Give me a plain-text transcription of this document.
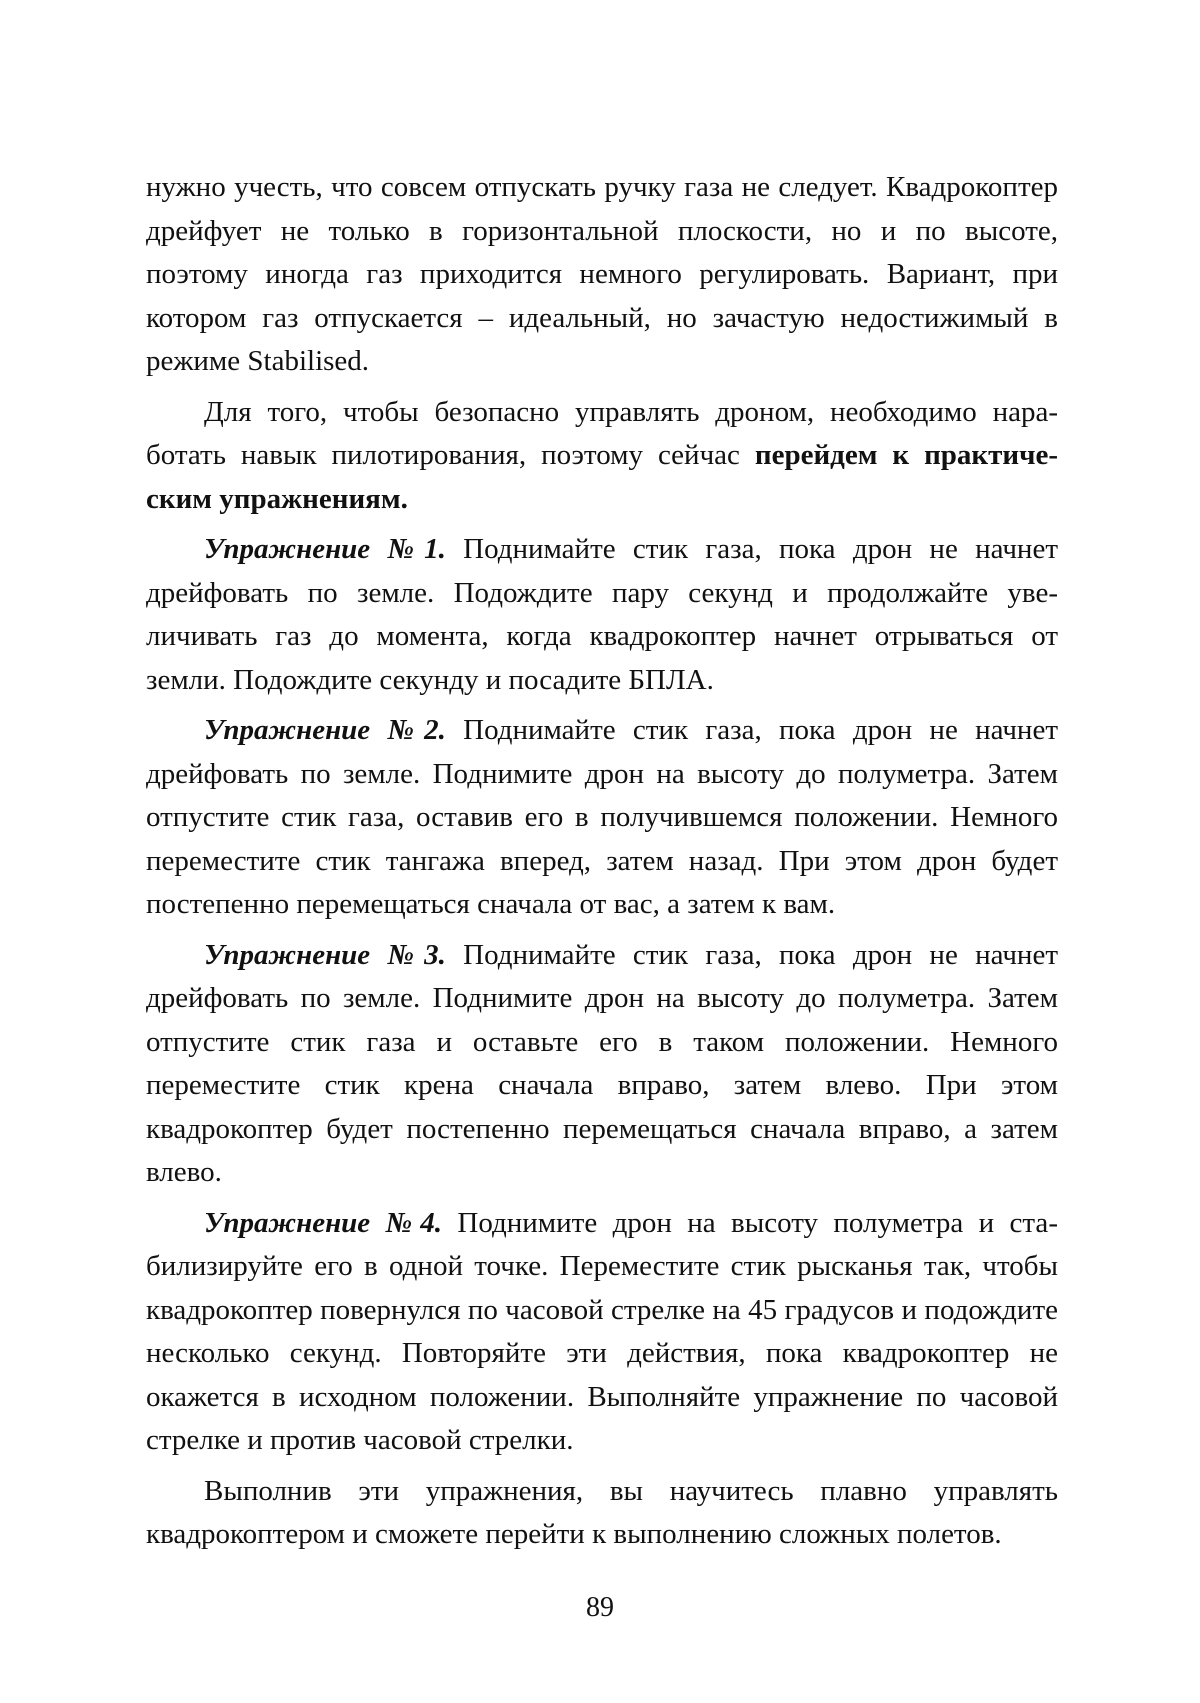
нужно учесть, что совсем отпускать ручку газа не следует. Квадрокоптер дрейфует не только в горизонтальной плоскости, но и по высоте, поэтому иногда газ приходится немного регулировать. Вариант, при котором газ отпускается – идеальный, но зачастую недостижимый в режиме Stabilised.

Для того, чтобы безопасно управлять дроном, необходимо наработать навык пилотирования, поэтому сейчас перейдем к практическим упражнениям.

Упражнение №1. Поднимайте стик газа, пока дрон не начнет дрейфовать по земле. Подождите пару секунд и продолжайте увеличивать газ до момента, когда квадрокоптер начнет отрываться от земли. Подождите секунду и посадите БПЛА.

Упражнение №2. Поднимайте стик газа, пока дрон не начнет дрейфовать по земле. Поднимите дрон на высоту до полуметра. Затем отпустите стик газа, оставив его в получившемся положении. Немного переместите стик тангажа вперед, затем назад. При этом дрон будет постепенно перемещаться сначала от вас, а затем к вам.

Упражнение №3. Поднимайте стик газа, пока дрон не начнет дрейфовать по земле. Поднимите дрон на высоту до полуметра. Затем отпустите стик газа и оставьте его в таком положении. Немного переместите стик крена сначала вправо, затем влево. При этом квадрокоптер будет постепенно перемещаться сначала вправо, а затем влево.

Упражнение №4. Поднимите дрон на высоту полуметра и стабилизируйте его в одной точке. Переместите стик рысканья так, чтобы квадрокоптер повернулся по часовой стрелке на 45 градусов и подождите несколько секунд. Повторяйте эти действия, пока квадрокоптер не окажется в исходном положении. Выполняйте упражнение по часовой стрелке и против часовой стрелки.

Выполнив эти упражнения, вы научитесь плавно управлять квадрокоптером и сможете перейти к выполнению сложных полетов.

89
